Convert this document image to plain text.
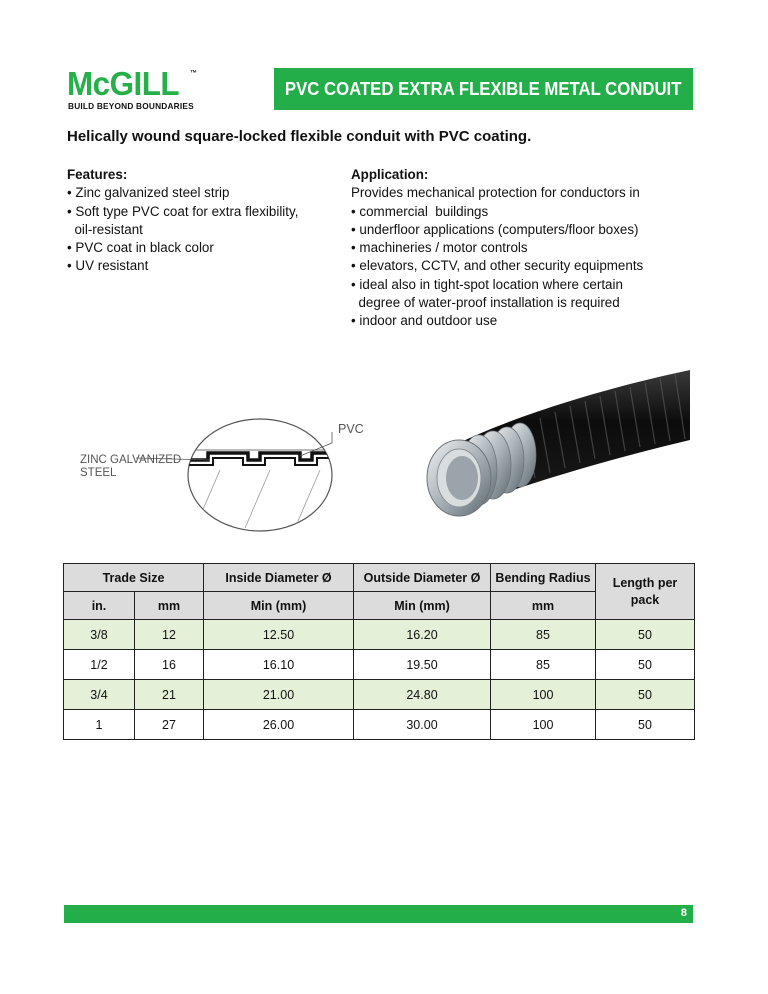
McGILL ™
BUILD BEYOND BOUNDARIES
PVC COATED EXTRA FLEXIBLE METAL CONDUIT
Helically wound square-locked flexible conduit with PVC coating.
Features:
• Zinc galvanized steel strip
• Soft type PVC coat for extra flexibility,
oil-resistant
• PVC coat in black color
• UV resistant
Application:
Provides mechanical protection for conductors in
• commercial  buildings
• underfloor applications (computers/floor boxes)
• machineries / motor controls
• elevators, CCTV, and other security equipments
• ideal also in tight-spot location where certain
degree of water-proof installation is required
• indoor and outdoor use
PVC
ZINC GALVANIZED
STEEL
Trade Size		Inside Diameter Ø	Outside Diameter Ø	Bending Radius	Length per pack
in.	mm	Min (mm)	Min (mm)	mm	
3/8	12	12.50	16.20	85	50
1/2	16	16.10	19.50	85	50
3/4	21	21.00	24.80	100	50
1	27	26.00	30.00	100	50
8
